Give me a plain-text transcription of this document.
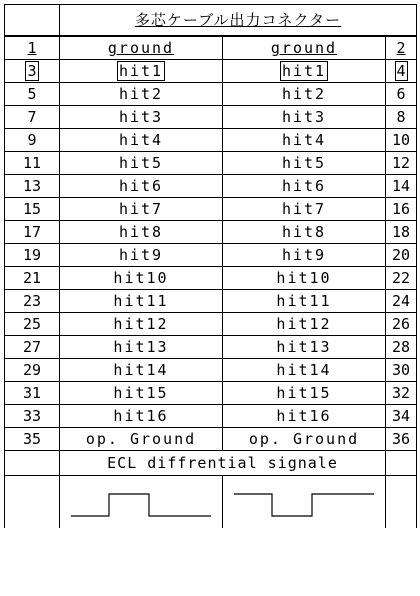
	多芯ケーブル出力コネクター		
1	ground	ground	2
3	hit1	hit1	4
5	hit2	hit2	6
7	hit3	hit3	8
9	hit4	hit4	10
11	hit5	hit5	12
13	hit6	hit6	14
15	hit7	hit7	16
17	hit8	hit8	18
19	hit9	hit9	20
21	hit10	hit10	22
23	hit11	hit11	24
25	hit12	hit12	26
27	hit13	hit13	28
29	hit14	hit14	30
31	hit15	hit15	32
33	hit16	hit16	34
35	op. Ground	op. Ground	36
	ECL diffrential signale		
